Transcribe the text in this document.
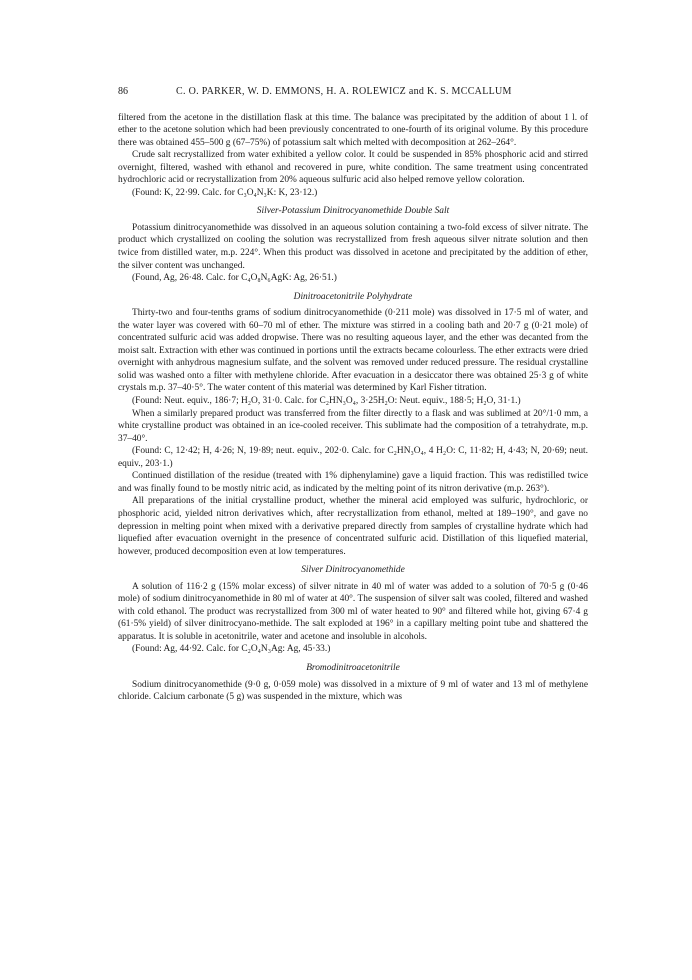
86	C. O. PARKER, W. D. EMMONS, H. A. ROLEWICZ and K. S. MCCALLUM

filtered from the acetone in the distillation flask at this time. The balance was precipitated by the addition of about 1 l. of ether to the acetone solution which had been previously concentrated to one-fourth of its original volume. By this procedure there was obtained 455–500 g (67–75%) of potassium salt which melted with decomposition at 262–264°.

Crude salt recrystallized from water exhibited a yellow color. It could be suspended in 85% phosphoric acid and stirred overnight, filtered, washed with ethanol and recovered in pure, white condition. The same treatment using concentrated hydrochloric acid or recrystallization from 20% aqueous sulfuric acid also helped remove yellow coloration.

(Found: K, 22·99. Calc. for C₃O₄N₃K: K, 23·12.)

Silver-Potassium Dinitrocyanomethide Double Salt

Potassium dinitrocyanomethide was dissolved in an aqueous solution containing a two-fold excess of silver nitrate. The product which crystallized on cooling the solution was recrystallized from fresh aqueous silver nitrate solution and then twice from distilled water, m.p. 224°. When this product was dissolved in acetone and precipitated by the addition of ether, the silver content was unchanged.

(Found, Ag, 26·48. Calc. for C₄O₈N₆AgK: Ag, 26·51.)

Dinitroacetonitrile Polyhydrate

Thirty-two and four-tenths grams of sodium dinitrocyanomethide (0·211 mole) was dissolved in 17·5 ml of water, and the water layer was covered with 60–70 ml of ether. The mixture was stirred in a cooling bath and 20·7 g (0·21 mole) of concentrated sulfuric acid was added dropwise. There was no resulting aqueous layer, and the ether was decanted from the moist salt. Extraction with ether was continued in portions until the extracts became colourless. The ether extracts were dried overnight with anhydrous magnesium sulfate, and the solvent was removed under reduced pressure. The residual crystalline solid was washed onto a filter with methylene chloride. After evacuation in a desiccator there was obtained 25·3 g of white crystals m.p. 37–40·5°. The water content of this material was determined by Karl Fisher titration.

(Found: Neut. equiv., 186·7; H₂O, 31·0. Calc. for C₂HN₃O₄, 3·25H₂O: Neut. equiv., 188·5; H₂O, 31·1.)

When a similarly prepared product was transferred from the filter directly to a flask and was sublimed at 20°/1·0 mm, a white crystalline product was obtained in an ice-cooled receiver. This sublimate had the composition of a tetrahydrate, m.p. 37–40°.

(Found: C, 12·42; H, 4·26; N, 19·89; neut. equiv., 202·0. Calc. for C₂HN₃O₄, 4 H₂O: C, 11·82; H, 4·43; N, 20·69; neut. equiv., 203·1.)

Continued distillation of the residue (treated with 1% diphenylamine) gave a liquid fraction. This was redistilled twice and was finally found to be mostly nitric acid, as indicated by the melting point of its nitron derivative (m.p. 263°).

All preparations of the initial crystalline product, whether the mineral acid employed was sulfuric, hydrochloric, or phosphoric acid, yielded nitron derivatives which, after recrystallization from ethanol, melted at 189–190°, and gave no depression in melting point when mixed with a derivative prepared directly from samples of crystalline hydrate which had liquefied after evacuation overnight in the presence of concentrated sulfuric acid. Distillation of this liquefied material, however, produced decomposition even at low temperatures.

Silver Dinitrocyanomethide

A solution of 116·2 g (15% molar excess) of silver nitrate in 40 ml of water was added to a solution of 70·5 g (0·46 mole) of sodium dinitrocyanomethide in 80 ml of water at 40°. The suspension of silver salt was cooled, filtered and washed with cold ethanol. The product was recrystallized from 300 ml of water heated to 90° and filtered while hot, giving 67·4 g (61·5% yield) of silver dinitrocyano-methide. The salt exploded at 196° in a capillary melting point tube and shattered the apparatus. It is soluble in acetonitrile, water and acetone and insoluble in alcohols.

(Found: Ag, 44·92. Calc. for C₂O₄N₃Ag: Ag, 45·33.)

Bromodinitroacetonitrile

Sodium dinitrocyanomethide (9·0 g, 0·059 mole) was dissolved in a mixture of 9 ml of water and 13 ml of methylene chloride. Calcium carbonate (5 g) was suspended in the mixture, which was
